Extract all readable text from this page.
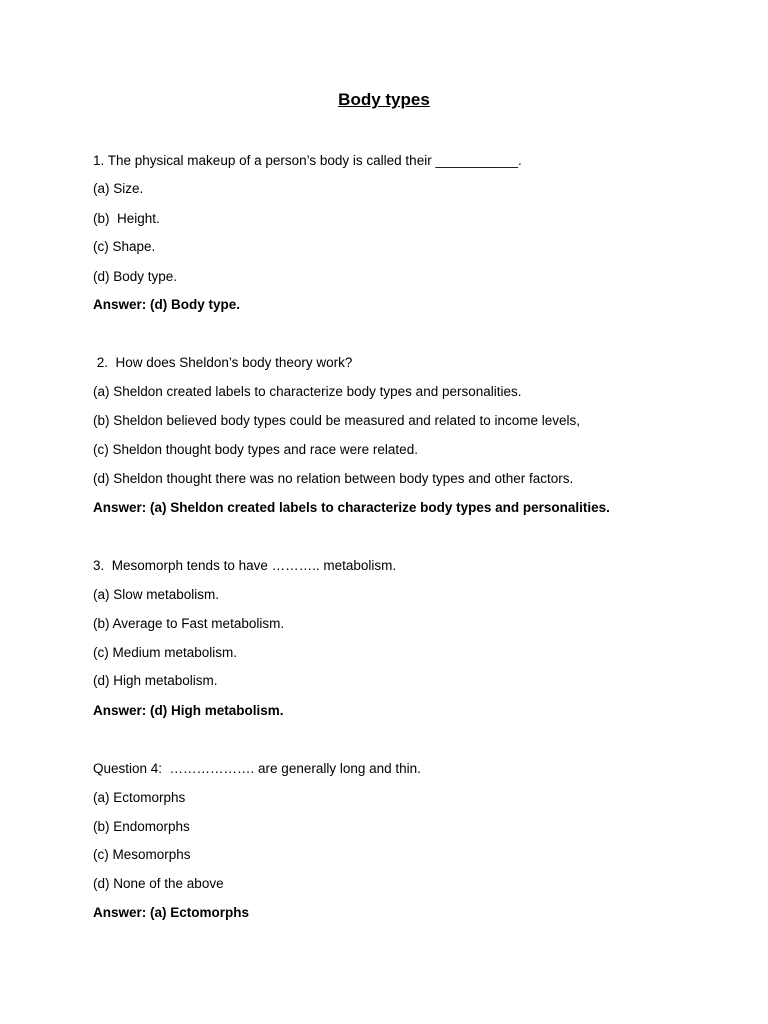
Body types
1. The physical makeup of a person’s body is called their ___________.
(a) Size.
(b)  Height.
(c) Shape.
(d) Body type.
Answer: (d) Body type.
2.  How does Sheldon’s body theory work?
(a) Sheldon created labels to characterize body types and personalities.
(b) Sheldon believed body types could be measured and related to income levels,
(c) Sheldon thought body types and race were related.
(d) Sheldon thought there was no relation between body types and other factors.
Answer: (a) Sheldon created labels to characterize body types and personalities.
3.  Mesomorph tends to have ……….. metabolism.
(a) Slow metabolism.
(b) Average to Fast metabolism.
(c) Medium metabolism.
(d) High metabolism.
Answer: (d) High metabolism.
Question 4:  ………………. are generally long and thin.
(a) Ectomorphs
(b) Endomorphs
(c) Mesomorphs
(d) None of the above
Answer: (a) Ectomorphs
